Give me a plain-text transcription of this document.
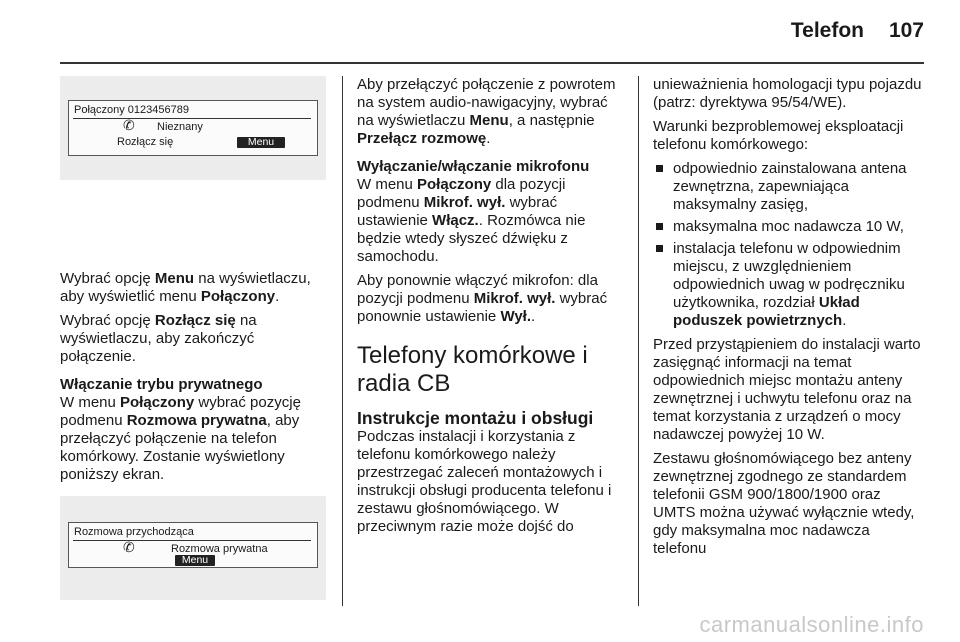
Telefon 107
Połączony 0123456789
✆ Nieznany
Rozłącz się	Menu

Wybrać opcję Menu na wyświetlaczu, aby wyświetlić menu Połączony.

Wybrać opcję Rozłącz się na wyświetlaczu, aby zakończyć połączenie.

Włączanie trybu prywatnego

W menu Połączony wybrać pozycję podmenu Rozmowa prywatna, aby przełączyć połączenie na telefon komórkowy. Zostanie wyświetlony poniższy ekran.

Rozmowa przychodząca
✆	Rozmowa prywatna
Menu

Aby przełączyć połączenie z powrotem na system audio-nawigacyjny, wybrać na wyświetlaczu Menu, a następnie Przełącz rozmowę.

Wyłączanie/włączanie mikrofonu

W menu Połączony dla pozycji podmenu Mikrof. wył. wybrać ustawienie Włącz.. Rozmówca nie będzie wtedy słyszeć dźwięku z samochodu.

Aby ponownie włączyć mikrofon: dla pozycji podmenu Mikrof. wył. wybrać ponownie ustawienie Wył..

Telefony komórkowe i radia CB
Instrukcje montażu i obsługi

Podczas instalacji i korzystania z telefonu komórkowego należy przestrzegać zaleceń montażowych i instrukcji obsługi producenta telefonu i zestawu głośnomówiącego. W przeciwnym razie może dojść do

unieważnienia homologacji typu pojazdu (patrz: dyrektywa 95/54/WE).

Warunki bezproblemowej eksploatacji telefonu komórkowego:

odpowiednio zainstalowana antena zewnętrzna, zapewniająca maksymalny zasięg,
maksymalna moc nadawcza 10 W,
instalacja telefonu w odpowiednim miejscu, z uwzględnieniem odpowiednich uwag w podręczniku użytkownika, rozdział Układ poduszek powietrznych.

Przed przystąpieniem do instalacji warto zasięgnąć informacji na temat odpowiednich miejsc montażu anteny zewnętrznej i uchwytu telefonu oraz na temat korzystania z urządzeń o mocy nadawczej powyżej 10 W.

Zestawu głośnomówiącego bez anteny zewnętrznej zgodnego ze standardem telefonii GSM 900/1800/1900 oraz UMTS można używać wyłącznie wtedy, gdy maksymalna moc nadawcza telefonu

carmanualsonline.info
